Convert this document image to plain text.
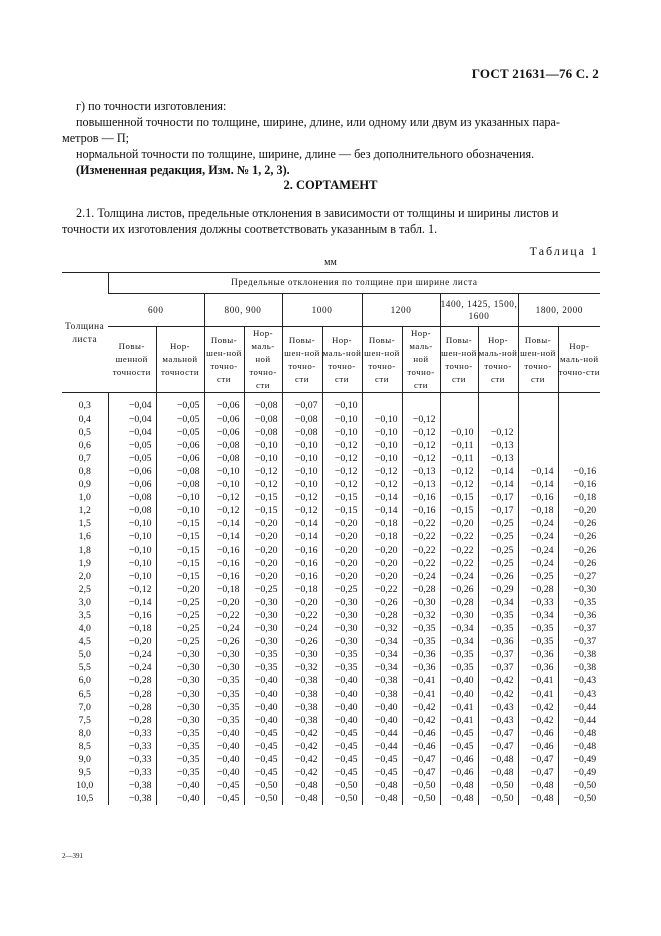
ГОСТ 21631—76 С. 2

г) по точности изготовления:

повышенной точности по толщине, ширине, длине, или одному или двум из указанных пара-

метров — П;

нормальной точности по толщине, ширине, длине — без дополнительного обозначения.

(Измененная редакция, Изм. № 1, 2, 3).

2. СОРТАМЕНТ

2.1. Толщина листов, предельные отклонения в зависимости от толщины и ширины листов и

точности их изготовления должны соответствовать указанным в табл. 1.

Таблица 1
мм
Толщина листа	Предельные отклонения по толщине при ширине листа											
	600		800, 900		1000		1200		1400, 1425, 1500, 1600		1800, 2000	
	Повы-шенной точности	Нор-мальной точности	Повы-шен-ной точно-сти	Нор-маль-ной точно-сти	Повы-шен-ной точно-сти	Нор-маль-ной точно-сти	Повы-шен-ной точно-сти	Нор-маль-ной точно-сти	Повы-шен-ной точно-сти	Нор-маль-ной точно-сти	Повы-шен-ной точно-сти	Нор-маль-ной точно-сти
0,3	−0,04	−0,05	−0,06	−0,08	−0,07	−0,10						
0,4	−0,04	−0,05	−0,06	−0,08	−0,08	−0,10	−0,10	−0,12				
0,5	−0,04	−0,05	−0,06	−0,08	−0,08	−0,10	−0,10	−0,12	−0,10	−0,12		
0,6	−0,05	−0,06	−0,08	−0,10	−0,10	−0,12	−0,10	−0,12	−0,11	−0,13		
0,7	−0,05	−0,06	−0,08	−0,10	−0,10	−0,12	−0,10	−0,12	−0,11	−0,13		
0,8	−0,06	−0,08	−0,10	−0,12	−0,10	−0,12	−0,12	−0,13	−0,12	−0,14	−0,14	−0,16
0,9	−0,06	−0,08	−0,10	−0,12	−0,10	−0,12	−0,12	−0,13	−0,12	−0,14	−0,14	−0,16
1,0	−0,08	−0,10	−0,12	−0,15	−0,12	−0,15	−0,14	−0,16	−0,15	−0,17	−0,16	−0,18
1,2	−0,08	−0,10	−0,12	−0,15	−0,12	−0,15	−0,14	−0,16	−0,15	−0,17	−0,18	−0,20
1,5	−0,10	−0,15	−0,14	−0,20	−0,14	−0,20	−0,18	−0,22	−0,20	−0,25	−0,24	−0,26
1,6	−0,10	−0,15	−0,14	−0,20	−0,14	−0,20	−0,18	−0,22	−0,22	−0,25	−0,24	−0,26
1,8	−0,10	−0,15	−0,16	−0,20	−0,16	−0,20	−0,20	−0,22	−0,22	−0,25	−0,24	−0,26
1,9	−0,10	−0,15	−0,16	−0,20	−0,16	−0,20	−0,20	−0,22	−0,22	−0,25	−0,24	−0,26
2,0	−0,10	−0,15	−0,16	−0,20	−0,16	−0,20	−0,20	−0,24	−0,24	−0,26	−0,25	−0,27
2,5	−0,12	−0,20	−0,18	−0,25	−0,18	−0,25	−0,22	−0,28	−0,26	−0,29	−0,28	−0,30
3,0	−0,14	−0,25	−0,20	−0,30	−0,20	−0,30	−0,26	−0,30	−0,28	−0,34	−0,33	−0,35
3,5	−0,16	−0,25	−0,22	−0,30	−0,22	−0,30	−0,28	−0,32	−0,30	−0,35	−0,34	−0,36
4,0	−0,18	−0,25	−0,24	−0,30	−0,24	−0,30	−0,32	−0,35	−0,34	−0,35	−0,35	−0,37
4,5	−0,20	−0,25	−0,26	−0,30	−0,26	−0,30	−0,34	−0,35	−0,34	−0,36	−0,35	−0,37
5,0	−0,24	−0,30	−0,30	−0,35	−0,30	−0,35	−0,34	−0,36	−0,35	−0,37	−0,36	−0,38
5,5	−0,24	−0,30	−0,30	−0,35	−0,32	−0,35	−0,34	−0,36	−0,35	−0,37	−0,36	−0,38
6,0	−0,28	−0,30	−0,35	−0,40	−0,38	−0,40	−0,38	−0,41	−0,40	−0,42	−0,41	−0,43
6,5	−0,28	−0,30	−0,35	−0,40	−0,38	−0,40	−0,38	−0,41	−0,40	−0,42	−0,41	−0,43
7,0	−0,28	−0,30	−0,35	−0,40	−0,38	−0,40	−0,40	−0,42	−0,41	−0,43	−0,42	−0,44
7,5	−0,28	−0,30	−0,35	−0,40	−0,38	−0,40	−0,40	−0,42	−0,41	−0,43	−0,42	−0,44
8,0	−0,33	−0,35	−0,40	−0,45	−0,42	−0,45	−0,44	−0,46	−0,45	−0,47	−0,46	−0,48
8,5	−0,33	−0,35	−0,40	−0,45	−0,42	−0,45	−0,44	−0,46	−0,45	−0,47	−0,46	−0,48
9,0	−0,33	−0,35	−0,40	−0,45	−0,42	−0,45	−0,45	−0,47	−0,46	−0,48	−0,47	−0,49
9,5	−0,33	−0,35	−0,40	−0,45	−0,42	−0,45	−0,45	−0,47	−0,46	−0,48	−0,47	−0,49
10,0	−0,38	−0,40	−0,45	−0,50	−0,48	−0,50	−0,48	−0,50	−0,48	−0,50	−0,48	−0,50
10,5	−0,38	−0,40	−0,45	−0,50	−0,48	−0,50	−0,48	−0,50	−0,48	−0,50	−0,48	−0,50
2—391
